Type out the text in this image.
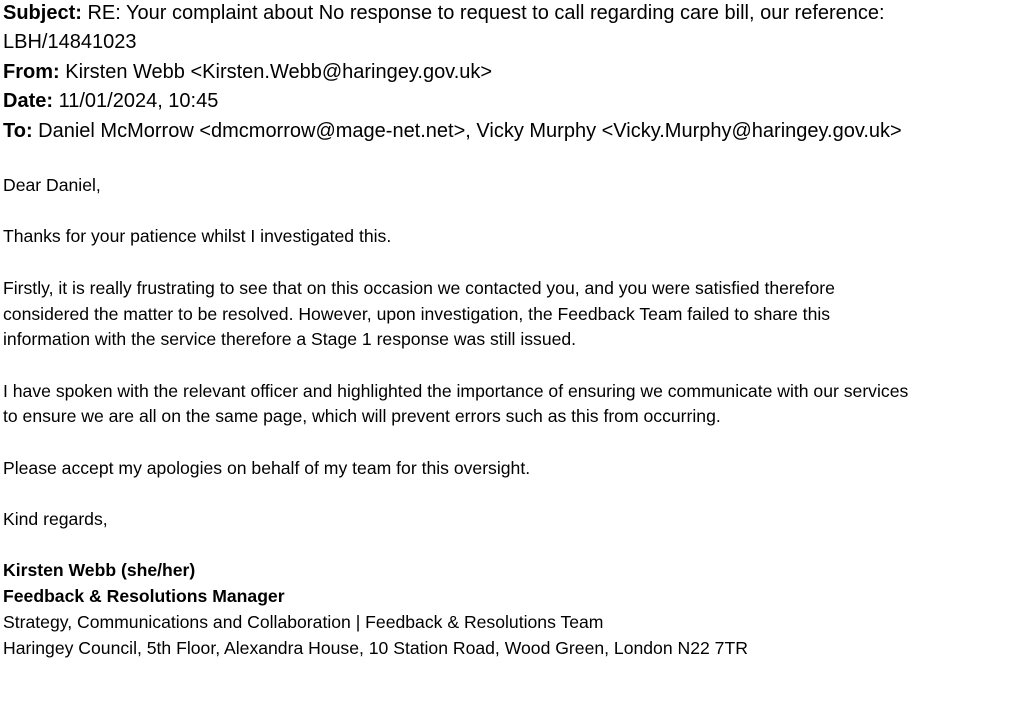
Subject: RE: Your complaint about No response to request to call regarding care bill, our reference: LBH/14841023
From: Kirsten Webb <Kirsten.Webb@haringey.gov.uk>
Date: 11/01/2024, 10:45
To: Daniel McMorrow <dmcmorrow@mage-net.net>, Vicky Murphy <Vicky.Murphy@haringey.gov.uk>

Dear Daniel,

Thanks for your patience whilst I investigated this.

Firstly, it is really frustrating to see that on this occasion we contacted you, and you were satisfied therefore
considered the matter to be resolved. However, upon investigation, the Feedback Team failed to share this
information with the service therefore a Stage 1 response was still issued.

I have spoken with the relevant officer and highlighted the importance of ensuring we communicate with our services
to ensure we are all on the same page, which will prevent errors such as this from occurring.

Please accept my apologies on behalf of my team for this oversight.

Kind regards,

Kirsten Webb (she/her)
Feedback & Resolutions Manager
Strategy, Communications and Collaboration | Feedback & Resolutions Team
Haringey Council, 5th Floor, Alexandra House, 10 Station Road, Wood Green, London N22 7TR
